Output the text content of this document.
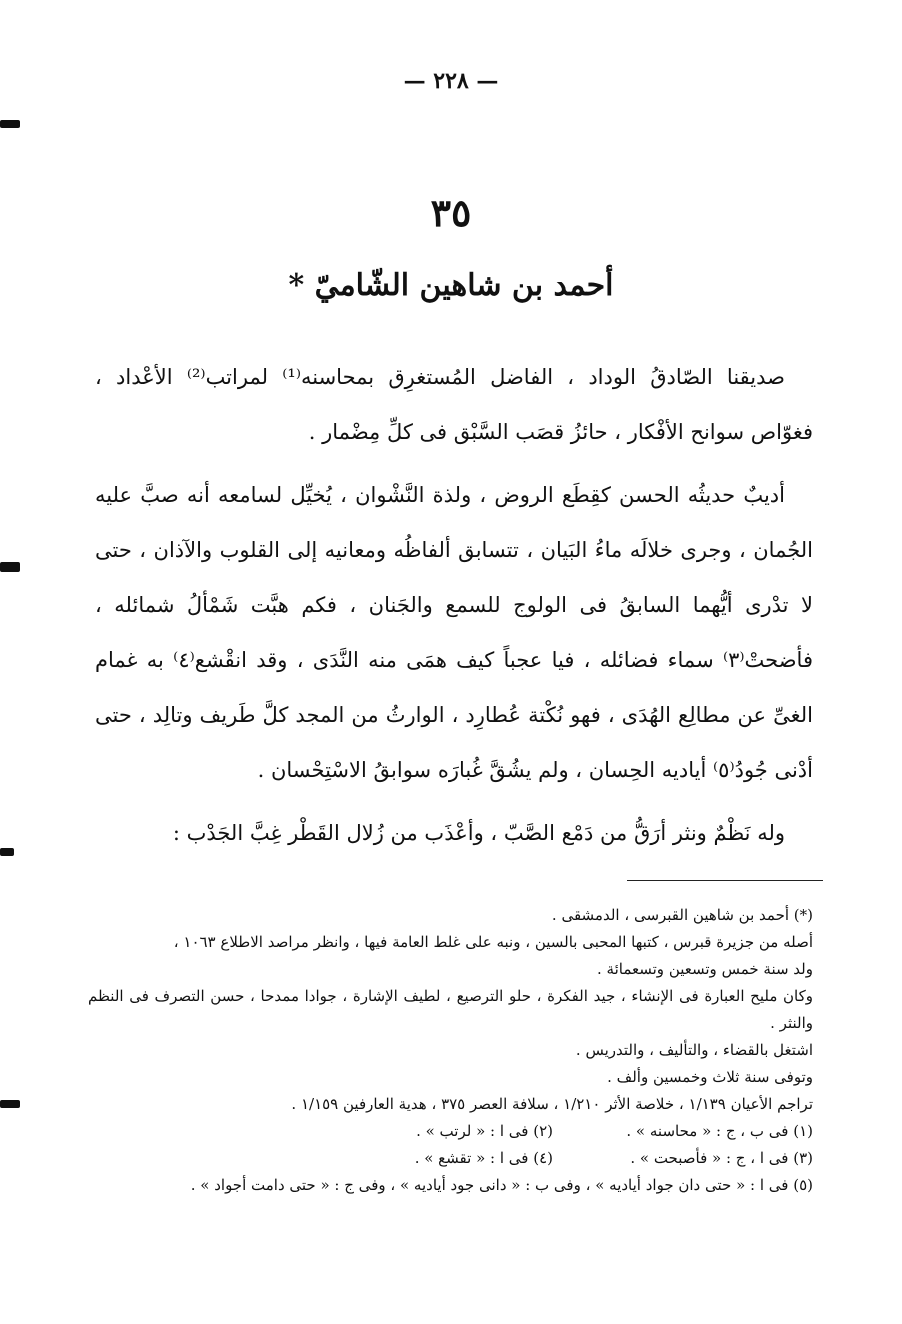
— ٢٢٨ —
٣٥
أحمد بن شاهين الشّاميّ *

صديقنا الصّادقُ الوداد ، الفاضل المُستغرِق بمحاسنه⁽¹⁾ لمراتب⁽²⁾ الأعْداد ، فغوّاص سوانح الأفْكار ، حائزُ قصَب السَّبْق فى كلِّ مِضْمار .

أديبٌ حديثُه الحسن كقِطَع الروض ، ولذة النَّشْوان ، يُخيِّل لسامعه أنه صبَّ عليه الجُمان ، وجرى خلالَه ماءُ البَيان ، تتسابق ألفاظُه ومعانيه إلى القلوب والآذان ، حتى لا تدْرى أيُّهما السابقُ فى الولوج للسمع والجَنان ، فكم هبَّت شَمْألُ شمائله ، فأضحتْ⁽٣⁾ سماء فضائله ، فيا عجباً كيف همَى منه النَّدَى ، وقد انقْشع⁽٤⁾ به غمام الغىِّ عن مطالِع الهُدَى ، فهو نُكْتة عُطارِد ، الوارثُ من المجد كلَّ طَريف وتالِد ، حتى أدْنى جُودُ⁽٥⁾ أياديه الحِسان ، ولم يشُقَّ غُبارَه سوابقُ الاسْتِحْسان .

وله نَظْمٌ ونثر أرَقُّ من دَمْع الصَّبّ ، وأعْذَب من زُلال القَطْر غِبَّ الجَدْب :

(*) أحمد بن شاهين القبرسى ، الدمشقى .

أصله من جزيرة قبرس ، كتبها المحبى بالسين ، ونبه على غلط العامة فيها ، وانظر مراصد الاطلاع ١٠٦٣ ،

ولد سنة خمس وتسعين وتسعمائة .

وكان مليح العبارة فى الإنشاء ، جيد الفكرة ، حلو الترصيع ، لطيف الإشارة ، جوادا ممدحا ، حسن التصرف فى النظم والنثر .

اشتغل بالقضاء ، والتأليف ، والتدريس .

وتوفى سنة ثلاث وخمسين وألف .

تراجم الأعيان ١/١٣٩ ، خلاصة الأثر ١/٢١٠ ، سلافة العصر ٣٧٥ ، هدية العارفين ١/١٥٩ .

(١) فى ب ، ج : « محاسنه » .
(٢) فى ا : « لرتب » .
(٣) فى ا ، ج : « فأصبحت » .
(٤) فى ا : « تقشع » .

(٥) فى ا : « حتى دان جواد أياديه » ، وفى ب : « دانى جود أياديه » ، وفى ج : « حتى دامت أجواد » .
